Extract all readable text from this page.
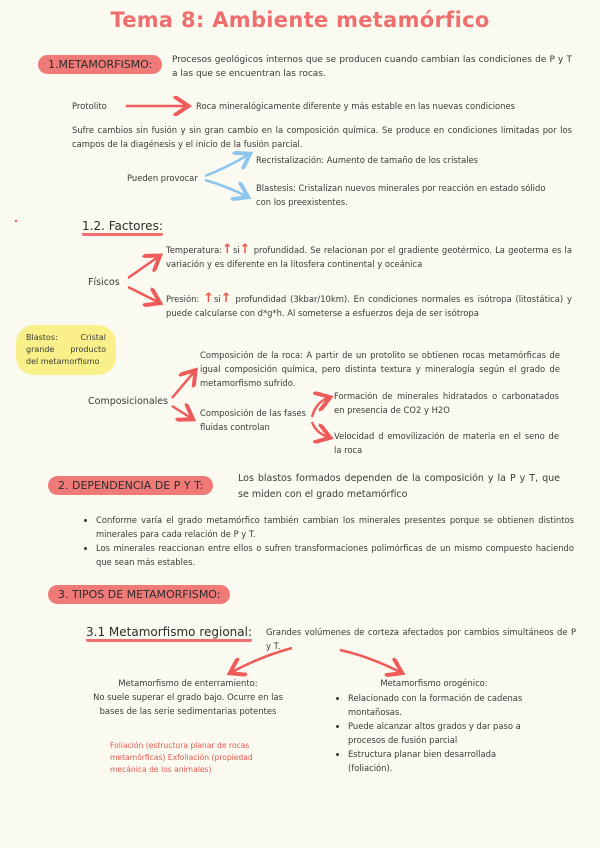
Tema 8: Ambiente metamórfico
1.METAMORFISMO:	Procesos geológicos internos que se producen cuando cambian las condiciones de P y T a las que se encuentran las rocas.
Protolito	Roca mineralógicamente diferente y más estable en las nuevas condiciones
Sufre cambios sin fusión y sin gran cambio en la composición química. Se produce en condiciones limitadas por los campos de la diagénesis y el inicio de la fusión parcial.
Pueden provocar
Recristalización: Aumento de tamaño de los cristales
Blastesis: Cristalizan nuevos minerales por reacción en estado sólido con los preexistentes.
1.2. Factores:
Físicos
Temperatura:↑si↑ profundidad. Se relacionan por el gradiente geotérmico. La geoterma es la variación y es diferente en la litosfera continental y oceánica
Presión: ↑si↑ profundidad (3kbar/10km). En condiciones normales es isótropa (litostática) y puede calcularse con d*g*h. Al someterse a esfuerzos deja de ser isótropa
Blastos: Cristal grande producto del metamorfismo
Composicionales
Composición de la roca: A partir de un protolito se obtienen rocas metamórficas de igual composición química, pero distinta textura y mineralogía según el grado de metamorfismo sufrido.
Composición de las fases fluidas controlan
Formación de minerales hidratados o carbonatados en presencia de CO2 y H2O
Velocidad d emovilización de materia en el seno de la roca
2. DEPENDENCIA DE P Y T:
Los blastos formados dependen de la composición y la P y T, que se miden con el grado metamórfico
• Conforme varía el grado metamórfico también cambian los minerales presentes porque se obtienen distintos minerales para cada relación de P y T.
• Los minerales reaccionan entre ellos o sufren transformaciones polimórficas de un mismo compuesto haciendo que sean más estables.
3. TIPOS DE METAMORFISMO:
3.1 Metamorfismo regional: Grandes volúmenes de corteza afectados por cambios simultáneos de P y T.
Metamorfismo de enterramiento:
No suele superar el grado bajo. Ocurre en las bases de las serie sedimentarias potentes
Foliación (estructura planar de rocas metamórficas) Exfoliación (propiedad mecánica de los animales)
Metamorfismo orogénico:
• Relacionado con la formación de cadenas montañosas.
• Puede alcanzar altos grados y dar paso a procesos de fusión parcial
• Estructura planar bien desarrollada (foliación).
